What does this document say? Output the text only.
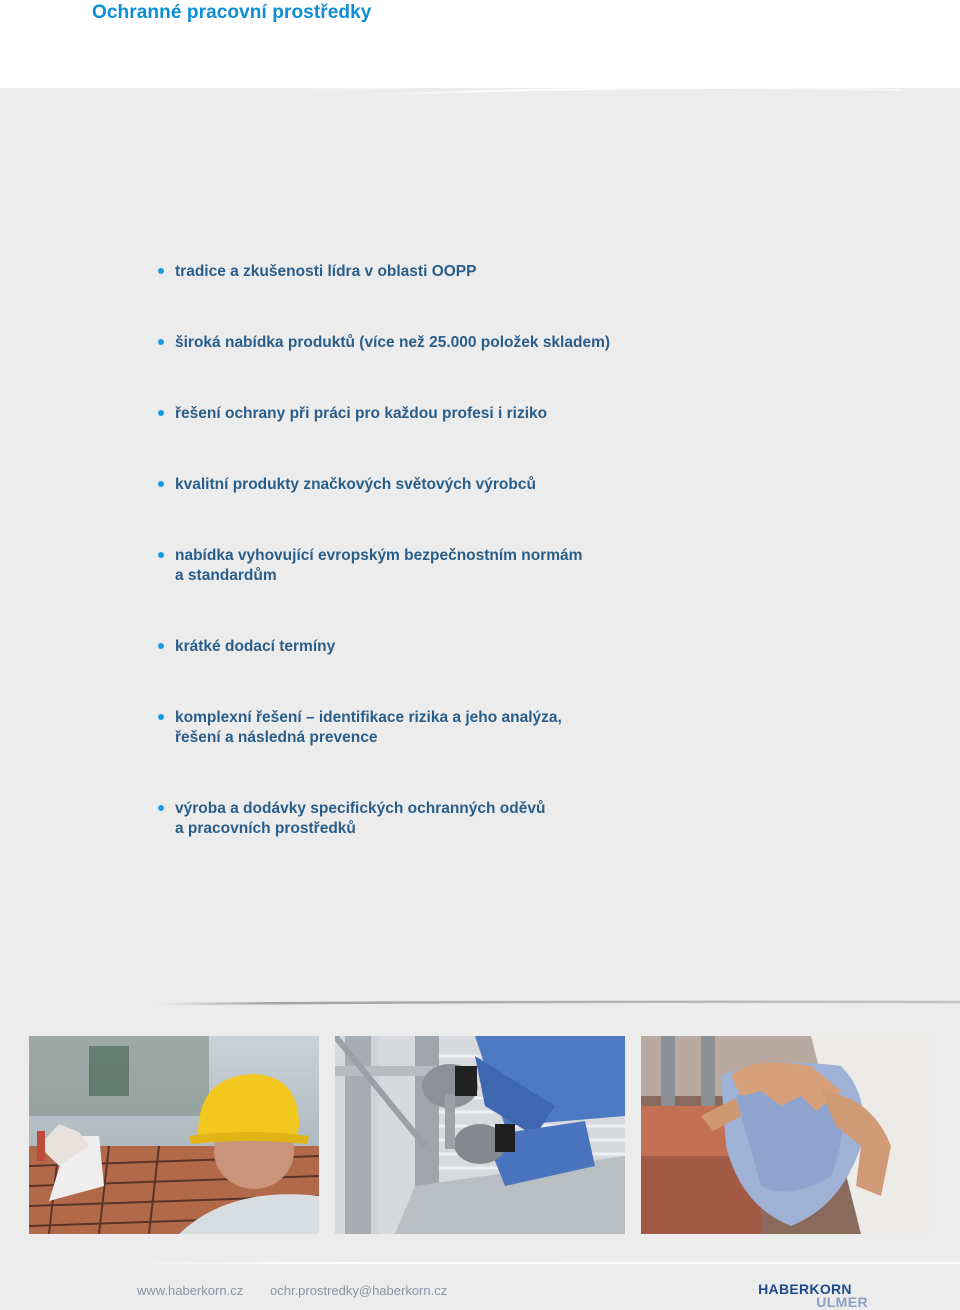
Ochranné pracovní prostředky
tradice a zkušenosti lídra v oblasti OOPP
široká nabídka produktů (více než 25.000 položek skladem)
řešení ochrany při práci pro každou profesi i riziko
kvalitní produkty značkových světových výrobců
nabídka vyhovující evropským bezpečnostním normám
a standardům
krátké dodací termíny
komplexní řešení – identifikace rizika a jeho analýza,
řešení a následná prevence
výroba a dodávky specifických ochranných oděvů
a pracovních prostředků
www.haberkorn.cz ochr.prostredky@haberkorn.cz	HABERKORN
ULMER
